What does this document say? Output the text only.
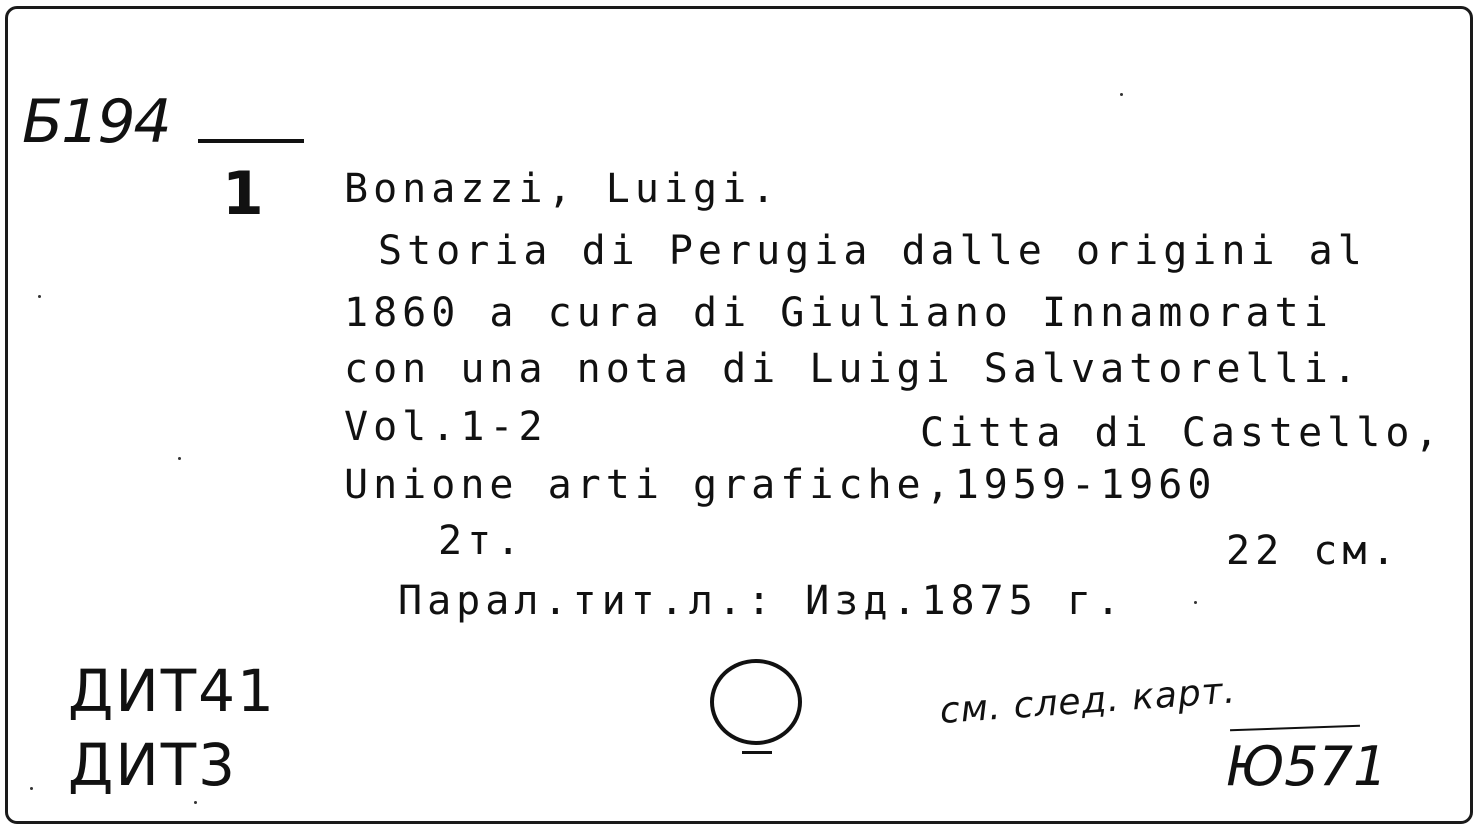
Б194
1 Bonazzi, Luigi.
Storia di Perugia dalle origini al
1860 a cura di Giuliano Innamorati
con una nota di Luigi Salvatorelli.
Vol.1-2	Citta di Castello,
Unione arti grafiche,1959-1960
2т.	22 см.
Парал.тит.л.: Изд.1875 г.
ДИТ41
ДИТ3
см. след. карт.
Ю571
